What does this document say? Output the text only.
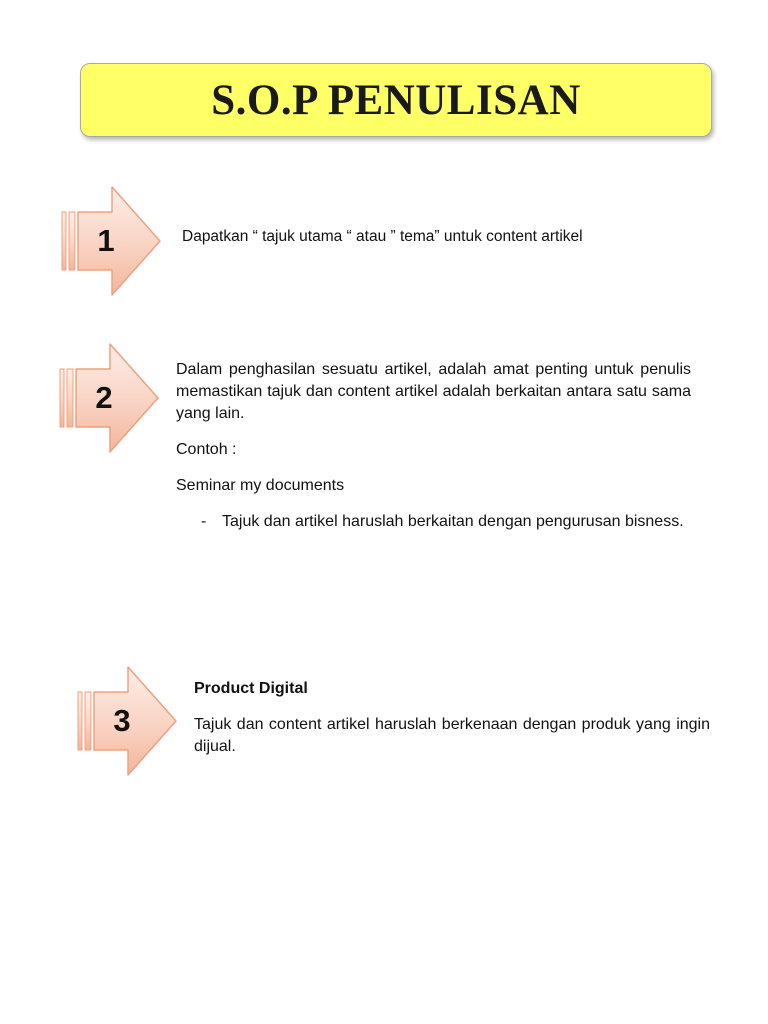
S.O.P PENULISAN
1	Dapatkan “ tajuk utama “ atau ” tema” untuk content artikel
2
Dalam penghasilan sesuatu artikel, adalah amat penting untuk penulis memastikan tajuk dan content artikel adalah berkaitan antara satu sama yang lain.
Contoh :
Seminar my documents
- Tajuk dan artikel haruslah berkaitan dengan pengurusan bisness.
3
Product Digital
Tajuk dan content artikel haruslah berkenaan dengan produk yang ingin dijual.
